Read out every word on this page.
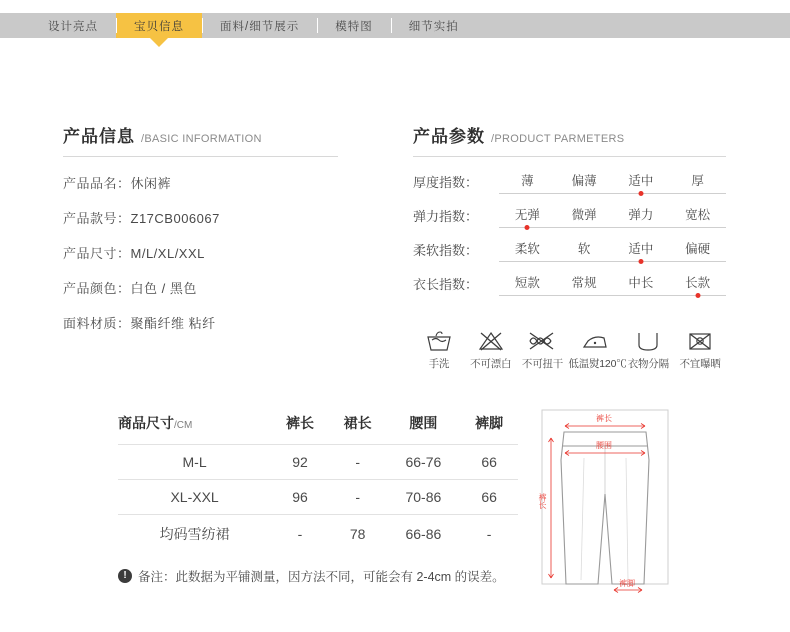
设计亮点	宝贝信息	面料/细节展示	模特图	细节实拍
产品信息 /BASIC INFORMATION
产品品名：休闲裤
产品款号：Z17CB006067
产品尺寸：M/L/XL/XXL
产品颜色：白色 / 黑色
面料材质：聚酯纤维 粘纤
产品参数 /PRODUCT PARMETERS
厚度指数：	薄	偏薄	适中	厚
弹力指数：	无弹	微弹	弹力	宽松
柔软指数：	柔软	软	适中	偏硬
衣长指数：	短款	常规	中长	长款
手洗	不可漂白	不可扭干 低温熨120℃ 衣物分隔	不宜曝晒
商品尺寸/CM	裤长	裙长	腰围	裤脚
M-L	92	-	66-76	66
XL-XXL	96	-	70-86	66
均码雪纺裙	-	78	66-86	-
! 备注：此数据为平铺测量，因方法不同，可能会有 2-4cm 的误差。
裤长
腰围
裤长
裤脚
